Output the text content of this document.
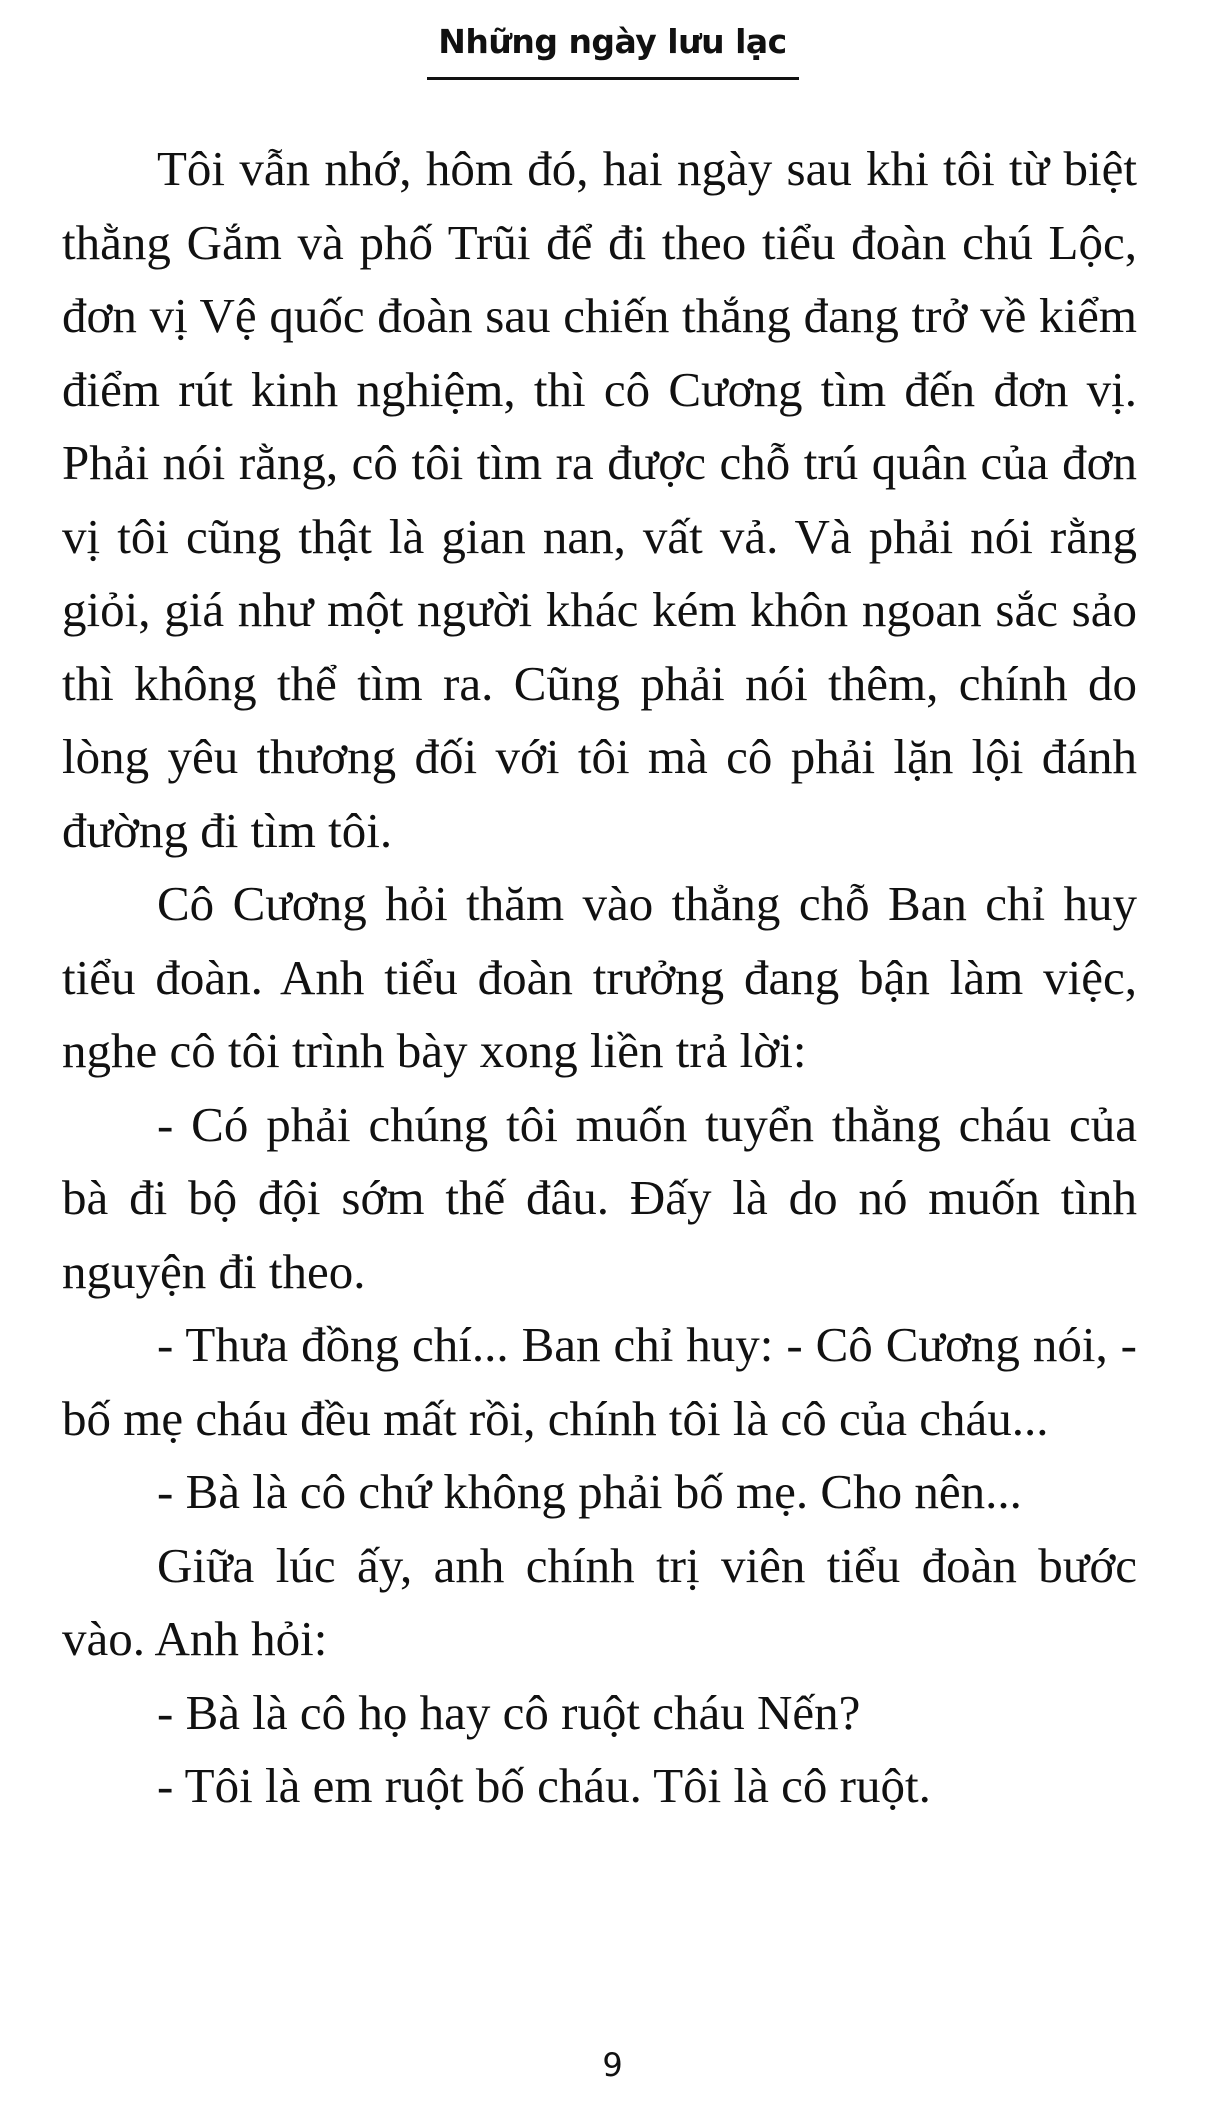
Những ngày lưu lạc

Tôi vẫn nhớ, hôm đó, hai ngày sau khi tôi từ biệt thằng Gắm và phố Trũi để đi theo tiểu đoàn chú Lộc, đơn vị Vệ quốc đoàn sau chiến thắng đang trở về kiểm điểm rút kinh nghiệm, thì cô Cương tìm đến đơn vị. Phải nói rằng, cô tôi tìm ra được chỗ trú quân của đơn vị tôi cũng thật là gian nan, vất vả. Và phải nói rằng giỏi, giá như một người khác kém khôn ngoan sắc sảo thì không thể tìm ra. Cũng phải nói thêm, chính do lòng yêu thương đối với tôi mà cô phải lặn lội đánh đường đi tìm tôi.

Cô Cương hỏi thăm vào thẳng chỗ Ban chỉ huy tiểu đoàn. Anh tiểu đoàn trưởng đang bận làm việc, nghe cô tôi trình bày xong liền trả lời:

- Có phải chúng tôi muốn tuyển thằng cháu của bà đi bộ đội sớm thế đâu. Đấy là do nó muốn tình nguyện đi theo.

- Thưa đồng chí... Ban chỉ huy: - Cô Cương nói, - bố mẹ cháu đều mất rồi, chính tôi là cô của cháu...

- Bà là cô chứ không phải bố mẹ. Cho nên...

Giữa lúc ấy, anh chính trị viên tiểu đoàn bước vào. Anh hỏi:

- Bà là cô họ hay cô ruột cháu Nến?

- Tôi là em ruột bố cháu. Tôi là cô ruột.

9
